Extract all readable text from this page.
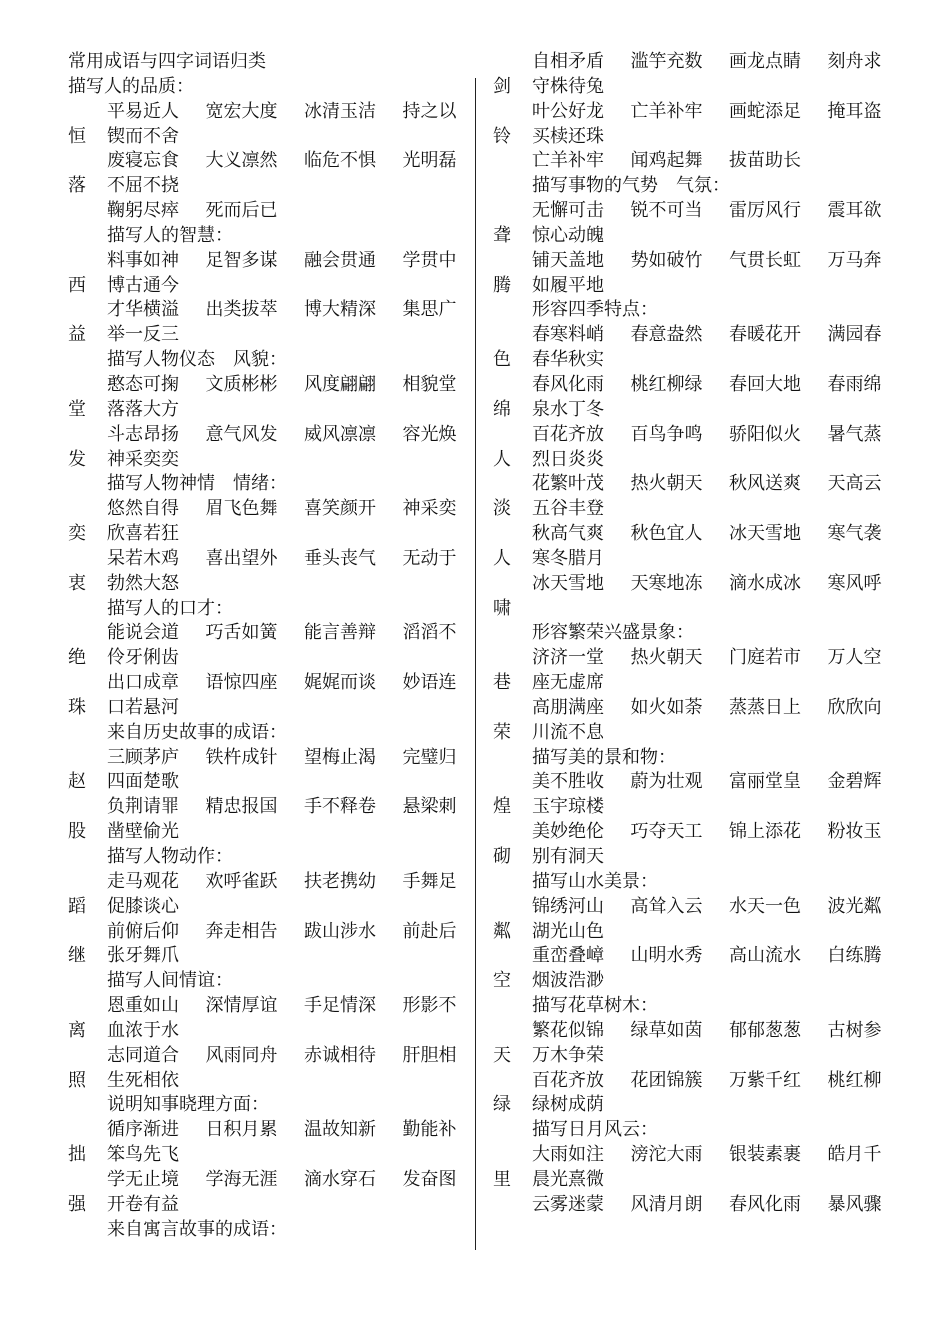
常用成语与四字词语归类
描写人的品质：
平易近人 宽宏大度 冰清玉洁 持之以
恒 锲而不舍
废寝忘食 大义凛然 临危不惧 光明磊
落 不屈不挠
鞠躬尽瘁 死而后已
描写人的智慧：
料事如神 足智多谋 融会贯通 学贯中
西 博古通今
才华横溢 出类拔萃 博大精深 集思广
益 举一反三
描写人物仪态　风貌：
憨态可掬 文质彬彬 风度翩翩 相貌堂
堂 落落大方
斗志昂扬 意气风发 威风凛凛 容光焕
发 神采奕奕
描写人物神情　情绪：
悠然自得 眉飞色舞 喜笑颜开 神采奕
奕 欣喜若狂
呆若木鸡 喜出望外 垂头丧气 无动于
衷 勃然大怒
描写人的口才：
能说会道 巧舌如簧 能言善辩 滔滔不
绝 伶牙俐齿
出口成章 语惊四座 娓娓而谈 妙语连
珠 口若悬河
来自历史故事的成语：
三顾茅庐 铁杵成针 望梅止渴 完璧归
赵 四面楚歌
负荆请罪 精忠报国 手不释卷 悬梁刺
股 凿壁偷光
描写人物动作：
走马观花 欢呼雀跃 扶老携幼 手舞足
蹈 促膝谈心
前俯后仰 奔走相告 跋山涉水 前赴后
继 张牙舞爪
描写人间情谊：
恩重如山 深情厚谊 手足情深 形影不
离 血浓于水
志同道合 风雨同舟 赤诚相待 肝胆相
照 生死相依
说明知事晓理方面：
循序渐进 日积月累 温故知新 勤能补
拙 笨鸟先飞
学无止境 学海无涯 滴水穿石 发奋图
强 开卷有益
来自寓言故事的成语：
自相矛盾 滥竽充数 画龙点睛 刻舟求
剑 守株待兔
叶公好龙 亡羊补牢 画蛇添足 掩耳盗
铃 买椟还珠
亡羊补牢 闻鸡起舞 拔苗助长
描写事物的气势　气氛：
无懈可击 锐不可当 雷厉风行 震耳欲
聋 惊心动魄
铺天盖地 势如破竹 气贯长虹 万马奔
腾 如履平地
形容四季特点：
春寒料峭 春意盎然 春暖花开 满园春
色 春华秋实
春风化雨 桃红柳绿 春回大地 春雨绵
绵 泉水丁冬
百花齐放 百鸟争鸣 骄阳似火 暑气蒸
人 烈日炎炎
花繁叶茂 热火朝天 秋风送爽 天高云
淡 五谷丰登
秋高气爽 秋色宜人 冰天雪地 寒气袭
人 寒冬腊月
冰天雪地 天寒地冻 滴水成冰 寒风呼
啸
形容繁荣兴盛景象：
济济一堂 热火朝天 门庭若市 万人空
巷 座无虚席
高朋满座 如火如荼 蒸蒸日上 欣欣向
荣 川流不息
描写美的景和物：
美不胜收 蔚为壮观 富丽堂皇 金碧辉
煌 玉宇琼楼
美妙绝伦 巧夺天工 锦上添花 粉妆玉
砌 别有洞天
描写山水美景：
锦绣河山 高耸入云 水天一色 波光粼
粼 湖光山色
重峦叠嶂 山明水秀 高山流水 白练腾
空 烟波浩渺
描写花草树木：
繁花似锦 绿草如茵 郁郁葱葱 古树参
天 万木争荣
百花齐放 花团锦簇 万紫千红 桃红柳
绿 绿树成荫
描写日月风云：
大雨如注 滂沱大雨 银装素裹 皓月千
里 晨光熹微
云雾迷蒙 风清月朗 春风化雨 暴风骤
